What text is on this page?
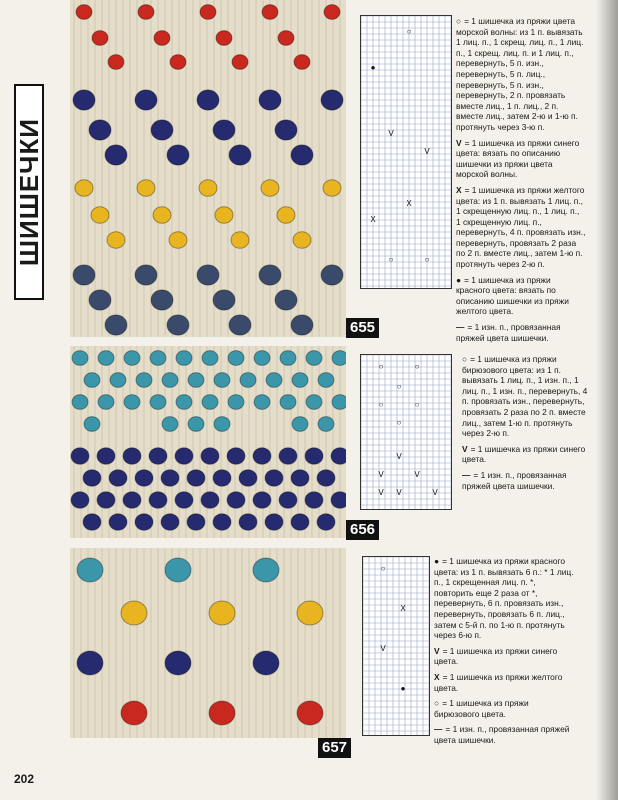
ШИШЕЧКИ
655
○
●
V
V
X
X
○	○
○ = 1 шишечка из пряжи цвета морской волны: из 1 п. вывязать 1 лиц. п., 1 скрещ. лиц. п., 1 лиц. п., 1 скрещ. лиц. п. и 1 лиц. п., перевернуть, 5 п. изн., перевернуть, 5 п. лиц., перевернуть, 5 п. изн., перевернуть, 2 п. провязать вместе лиц., 1 п. лиц., 2 п. вместе лиц., затем 2-ю и 1-ю п. протянуть через 3-ю п.
V = 1 шишечка из пряжи синего цвета: вязать по описанию шишечки из пряжи цвета морской волны.
X = 1 шишечка из пряжи желтого цвета: из 1 п. вывязать 1 лиц. п., 1 скрещенную лиц. п., 1 лиц. п., 1 скрещенную лиц. п., перевернуть, 4 п. провязать изн., перевернуть, провязать 2 раза по 2 п. вместе лиц., затем 1-ю п. протянуть через 2-ю п.
● = 1 шишечка из пряжи красного цвета: вязать по описанию шишечки из пряжи желтого цвета.
— = 1 изн. п., провязанная пряжей цвета шишечки.
656
○	○
○
○	○
○
V
V	V
V V	V
○ = 1 шишечка из пряжи бирюзового цвета: из 1 п. вывязать 1 лиц. п., 1 изн. п., 1 лиц. п., 1 изн. п., перевернуть, 4 п. провязать изн., перевернуть, провязать 2 раза по 2 п. вместе лиц., затем 1-ю п. протянуть через 2-ю п.
V = 1 шишечка из пряжи синего цвета.
— = 1 изн. п., провязанная пряжей цвета шишечки.
657
○
X
V
●
● = 1 шишечка из пряжи красного цвета: из 1 п. вывязать 6 п.: * 1 лиц. п., 1 скрещенная лиц. п. *, повторить еще 2 раза от *, перевернуть, 6 п. провязать изн., перевернуть, провязать 6 п. лиц., затем с 5-й п. по 1-ю п. протянуть через 6-ю п.
V = 1 шишечка из пряжи синего цвета.
X = 1 шишечка из пряжи желтого цвета.
○ = 1 шишечка из пряжи бирюзового цвета.
— = 1 изн. п., провязанная пряжей цвета шишечки.
202
